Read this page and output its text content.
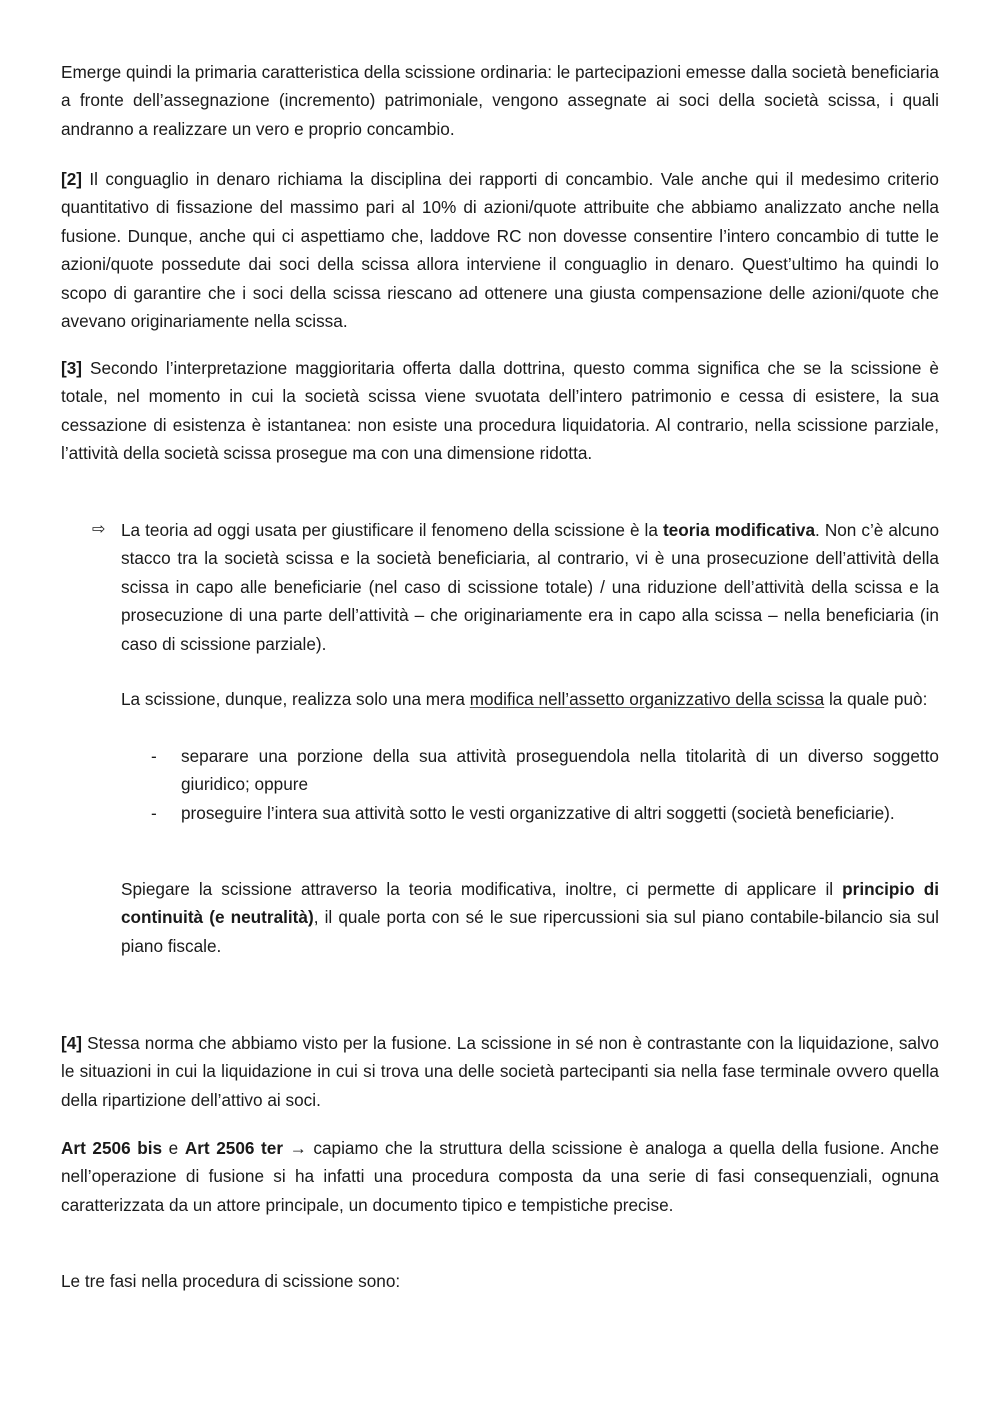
Emerge quindi la primaria caratteristica della scissione ordinaria: le partecipazioni emesse dalla società beneficiaria a fronte dell’assegnazione (incremento) patrimoniale, vengono assegnate ai soci della società scissa, i quali andranno a realizzare un vero e proprio concambio.

[2] Il conguaglio in denaro richiama la disciplina dei rapporti di concambio. Vale anche qui il medesimo criterio quantitativo di fissazione del massimo pari al 10% di azioni/quote attribuite che abbiamo analizzato anche nella fusione. Dunque, anche qui ci aspettiamo che, laddove RC non dovesse consentire l’intero concambio di tutte le azioni/quote possedute dai soci della scissa allora interviene il conguaglio in denaro. Quest’ultimo ha quindi lo scopo di garantire che i soci della scissa riescano ad ottenere una giusta compensazione delle azioni/quote che avevano originariamente nella scissa.

[3] Secondo l’interpretazione maggioritaria offerta dalla dottrina, questo comma significa che se la scissione è totale, nel momento in cui la società scissa viene svuotata dell’intero patrimonio e cessa di esistere, la sua cessazione di esistenza è istantanea: non esiste una procedura liquidatoria. Al contrario, nella scissione parziale, l’attività della società scissa prosegue ma con una dimensione ridotta.

⇨ La teoria ad oggi usata per giustificare il fenomeno della scissione è la teoria modificativa. Non c’è alcuno stacco tra la società scissa e la società beneficiaria, al contrario, vi è una prosecuzione dell’attività della scissa in capo alle beneficiarie (nel caso di scissione totale) / una riduzione dell’attività della scissa e la prosecuzione di una parte dell’attività – che originariamente era in capo alla scissa – nella beneficiaria (in caso di scissione parziale).

La scissione, dunque, realizza solo una mera modifica nell’assetto organizzativo della scissa la quale può:

- separare una porzione della sua attività proseguendola nella titolarità di un diverso soggetto giuridico; oppure

- proseguire l’intera sua attività sotto le vesti organizzative di altri soggetti (società beneficiarie).

Spiegare la scissione attraverso la teoria modificativa, inoltre, ci permette di applicare il principio di continuità (e neutralità), il quale porta con sé le sue ripercussioni sia sul piano contabile-bilancio sia sul piano fiscale.

[4] Stessa norma che abbiamo visto per la fusione. La scissione in sé non è contrastante con la liquidazione, salvo le situazioni in cui la liquidazione in cui si trova una delle società partecipanti sia nella fase terminale ovvero quella della ripartizione dell’attivo ai soci.

Art 2506 bis e Art 2506 ter → capiamo che la struttura della scissione è analoga a quella della fusione. Anche nell’operazione di fusione si ha infatti una procedura composta da una serie di fasi consequenziali, ognuna caratterizzata da un attore principale, un documento tipico e tempistiche precise.

Le tre fasi nella procedura di scissione sono:
